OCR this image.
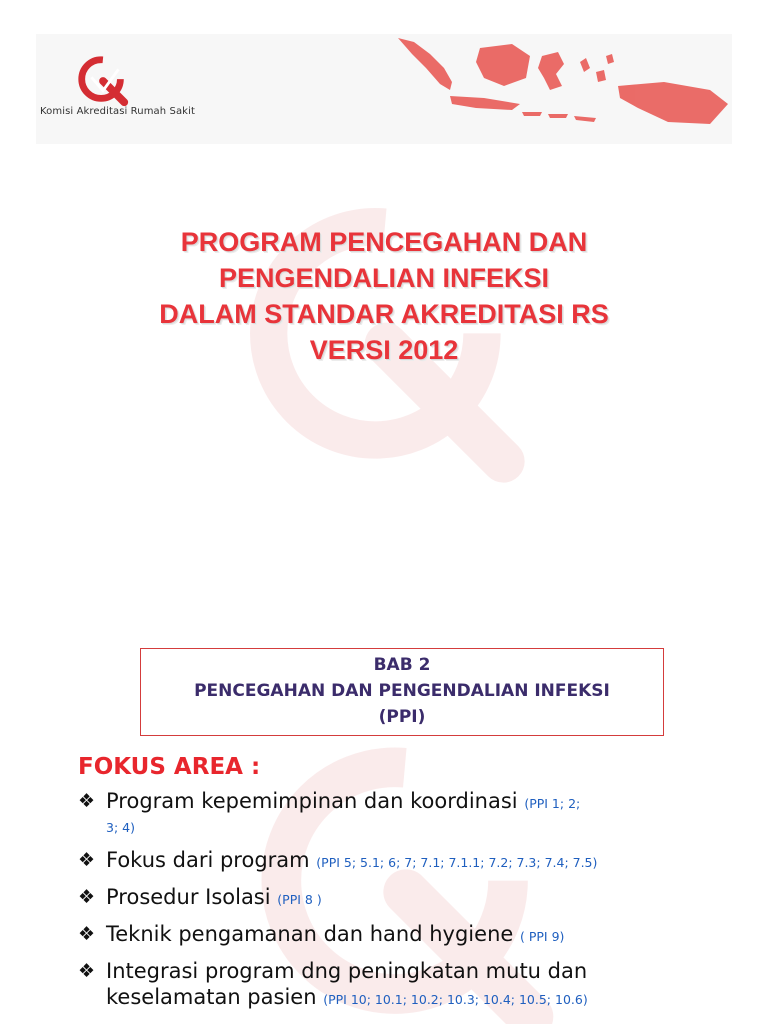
Komisi Akreditasi Rumah Sakit
PROGRAM PENCEGAHAN DAN
PENGENDALIAN INFEKSI
DALAM STANDAR AKREDITASI RS
VERSI 2012
BAB 2
PENCEGAHAN DAN PENGENDALIAN INFEKSI
(PPI)
FOKUS AREA :
❖ Program kepemimpinan dan koordinasi (PPI 1; 2;
3; 4)
❖ Fokus dari program (PPI 5; 5.1; 6; 7; 7.1; 7.1.1; 7.2; 7.3; 7.4; 7.5)
❖ Prosedur Isolasi (PPI 8 )
❖ Teknik pengamanan dan hand hygiene ( PPI 9)
❖ Integrasi program dng peningkatan mutu dan keselamatan pasien (PPI 10; 10.1; 10.2; 10.3; 10.4; 10.5; 10.6)
